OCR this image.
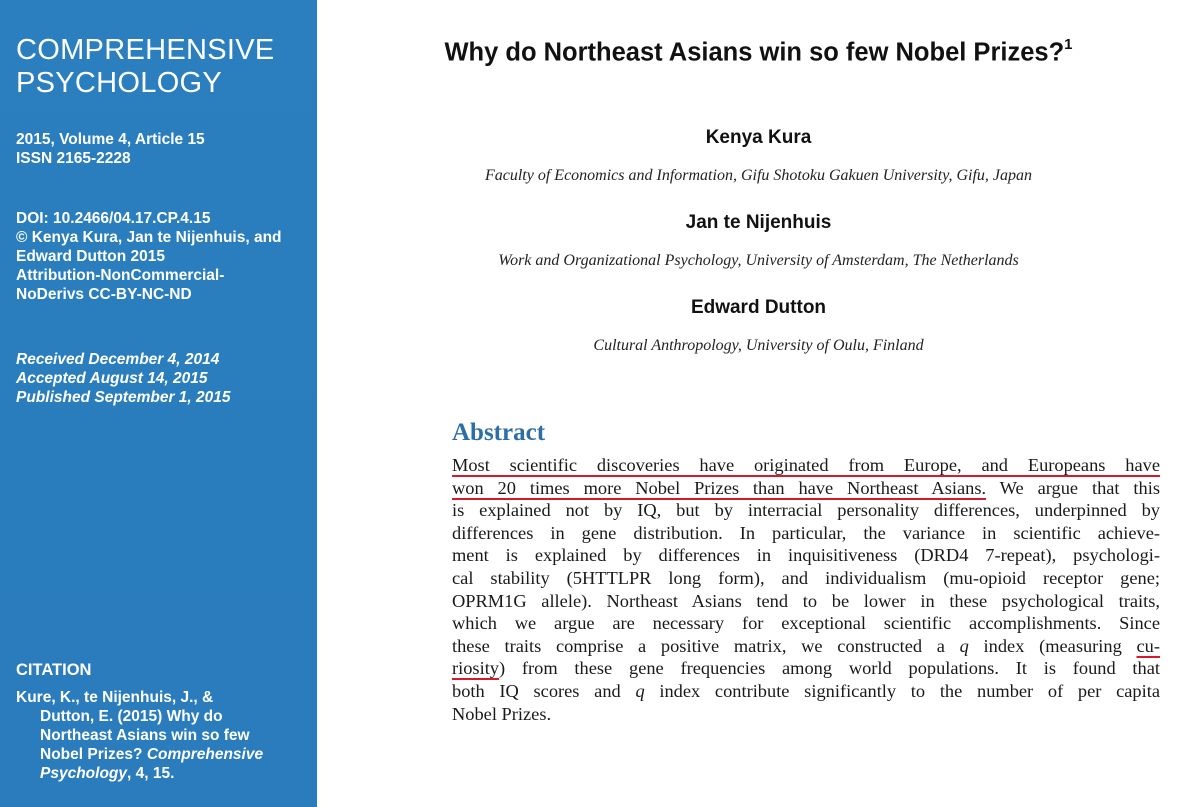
COMPREHENSIVE
PSYCHOLOGY
2015, Volume 4, Article 15
ISSN 2165-2228
DOI: 10.2466/04.17.CP.4.15
© Kenya Kura, Jan te Nijenhuis, and
Edward Dutton 2015
Attribution-NonCommercial-
NoDerivs CC-BY-NC-ND
Received December 4, 2014
Accepted August 14, 2015
Published September 1, 2015
CITATION
Kure, K., te Nijenhuis, J., &
Dutton, E. (2015) Why do
Northeast Asians win so few
Nobel Prizes? Comprehensive
Psychology, 4, 15.
Why do Northeast Asians win so few Nobel Prizes?$^1$
Kenya Kura
Faculty of Economics and Information, Gifu Shotoku Gakuen University, Gifu, Japan
Jan te Nijenhuis
Work and Organizational Psychology, University of Amsterdam, The Netherlands
Edward Dutton
Cultural Anthropology, University of Oulu, Finland
Abstract
Most scientific discoveries have originated from Europe, and Europeans have
won 20 times more Nobel Prizes than have Northeast Asians. We argue that this
is explained not by IQ, but by interracial personality differences, underpinned by
differences in gene distribution. In particular, the variance in scientific achieve-
ment is explained by differences in inquisitiveness (DRD4 7-repeat), psychologi-
cal stability (5HTTLPR long form), and individualism (mu-opioid receptor gene;
OPRM1G allele). Northeast Asians tend to be lower in these psychological traits,
which we argue are necessary for exceptional scientific accomplishments. Since
these traits comprise a positive matrix, we constructed a q index (measuring cu-
riosity) from these gene frequencies among world populations. It is found that
both IQ scores and q index contribute significantly to the number of per capita
Nobel Prizes.
